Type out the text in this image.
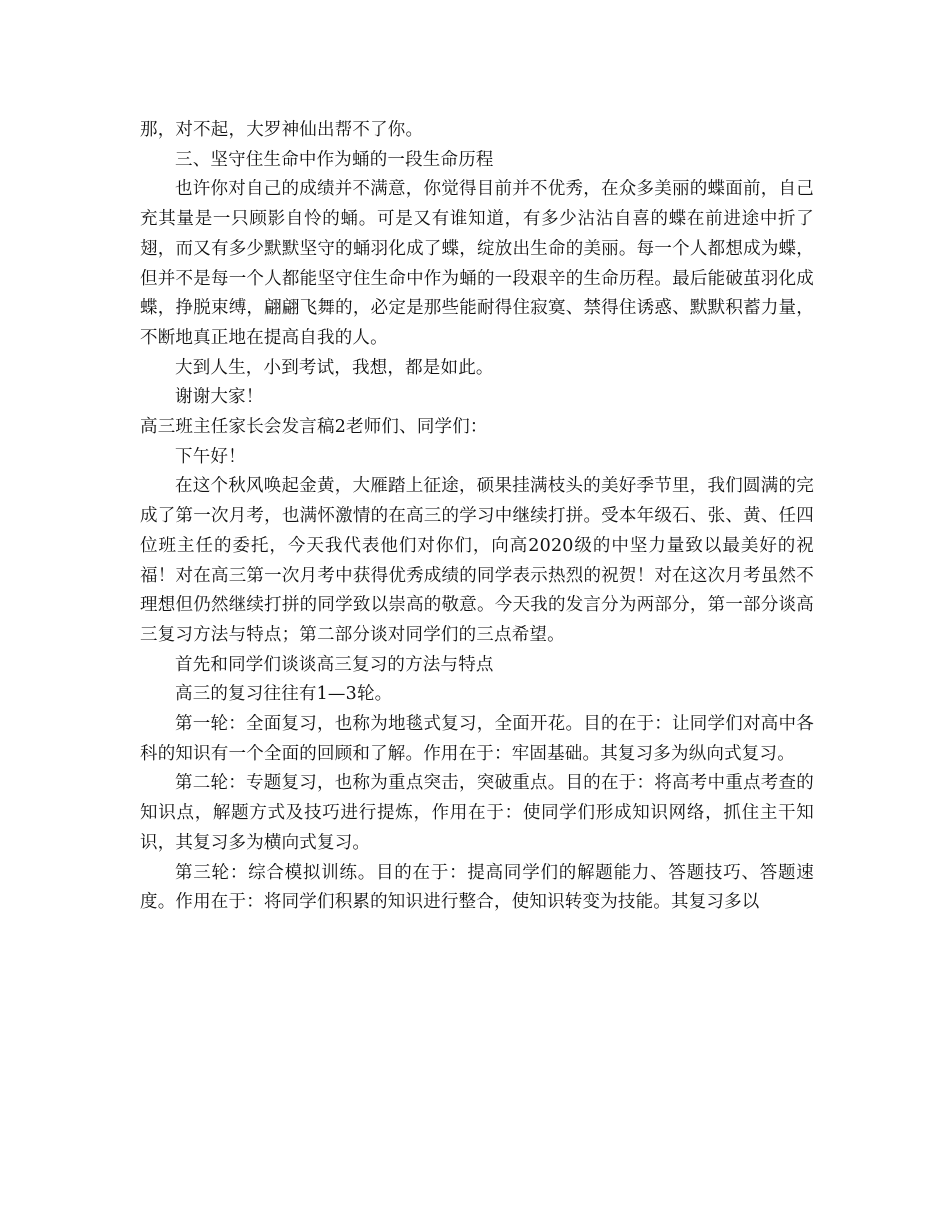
那，对不起，大罗神仙出帮不了你。

三、坚守住生命中作为蛹的一段生命历程

也许你对自己的成绩并不满意，你觉得目前并不优秀，在众多美丽的蝶面前，自己充其量是一只顾影自怜的蛹。可是又有谁知道，有多少沾沾自喜的蝶在前进途中折了翅，而又有多少默默坚守的蛹羽化成了蝶，绽放出生命的美丽。每一个人都想成为蝶，但并不是每一个人都能坚守住生命中作为蛹的一段艰辛的生命历程。最后能破茧羽化成蝶，挣脱束缚，翩翩飞舞的，必定是那些能耐得住寂寞、禁得住诱惑、默默积蓄力量，不断地真正地在提高自我的人。

大到人生，小到考试，我想，都是如此。

谢谢大家！

高三班主任家长会发言稿2老师们、同学们：

下午好！

在这个秋风唤起金黄，大雁踏上征途，硕果挂满枝头的美好季节里，我们圆满的完成了第一次月考，也满怀激情的在高三的学习中继续打拼。受本年级石、张、黄、任四位班主任的委托，今天我代表他们对你们，向高2020级的中坚力量致以最美好的祝福！对在高三第一次月考中获得优秀成绩的同学表示热烈的祝贺！对在这次月考虽然不理想但仍然继续打拼的同学致以崇高的敬意。今天我的发言分为两部分，第一部分谈高三复习方法与特点；第二部分谈对同学们的三点希望。

首先和同学们谈谈高三复习的方法与特点

高三的复习往往有1—3轮。

第一轮：全面复习，也称为地毯式复习，全面开花。目的在于：让同学们对高中各科的知识有一个全面的回顾和了解。作用在于：牢固基础。其复习多为纵向式复习。

第二轮：专题复习，也称为重点突击，突破重点。目的在于：将高考中重点考查的知识点，解题方式及技巧进行提炼，作用在于：使同学们形成知识网络，抓住主干知识，其复习多为横向式复习。

第三轮：综合模拟训练。目的在于：提高同学们的解题能力、答题技巧、答题速度。作用在于：将同学们积累的知识进行整合，使知识转变为技能。其复习多以
